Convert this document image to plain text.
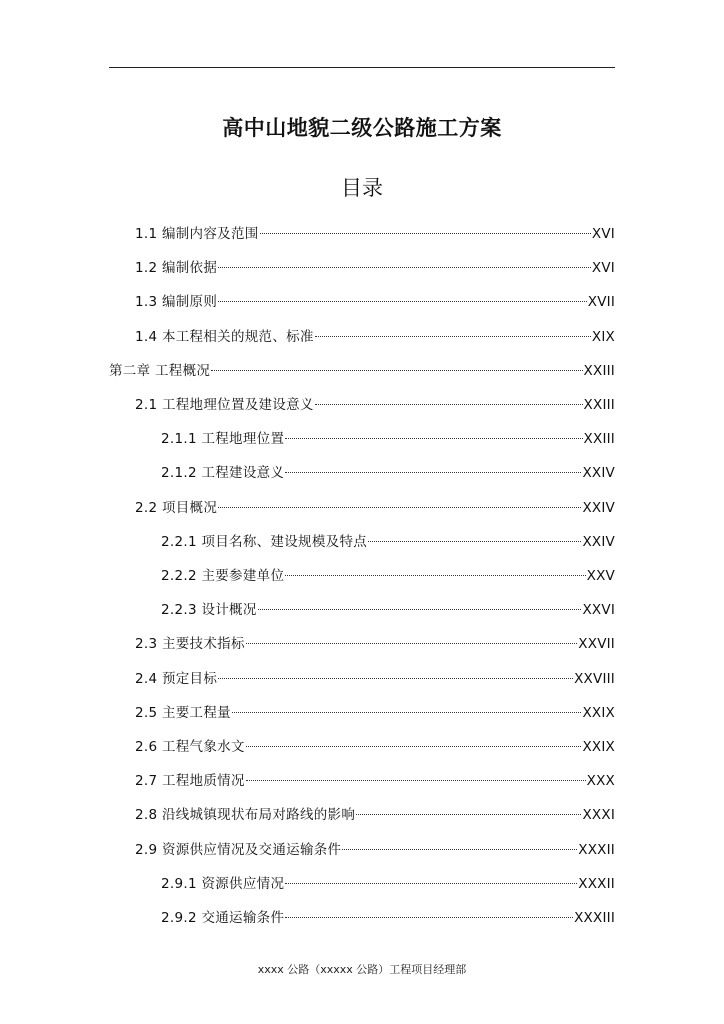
高中山地貌二级公路施工方案
目录
1.1 编制内容及范围	XVI
1.2 编制依据	XVI
1.3 编制原则	XVII
1.4 本工程相关的规范、标准	XIX
第二章 工程概况	XXIII
2.1 工程地理位置及建设意义	XXIII
2.1.1 工程地理位置	XXIII
2.1.2 工程建设意义	XXIV
2.2 项目概况	XXIV
2.2.1 项目名称、建设规模及特点	XXIV
2.2.2 主要参建单位	XXV
2.2.3 设计概况	XXVI
2.3 主要技术指标	XXVII
2.4 预定目标	XXVIII
2.5 主要工程量	XXIX
2.6 工程气象水文	XXIX
2.7 工程地质情况	XXX
2.8 沿线城镇现状布局对路线的影响	XXXI
2.9 资源供应情况及交通运输条件	XXXII
2.9.1 资源供应情况	XXXII
2.9.2 交通运输条件	XXXIII
xxxx 公路（xxxxx 公路）工程项目经理部
